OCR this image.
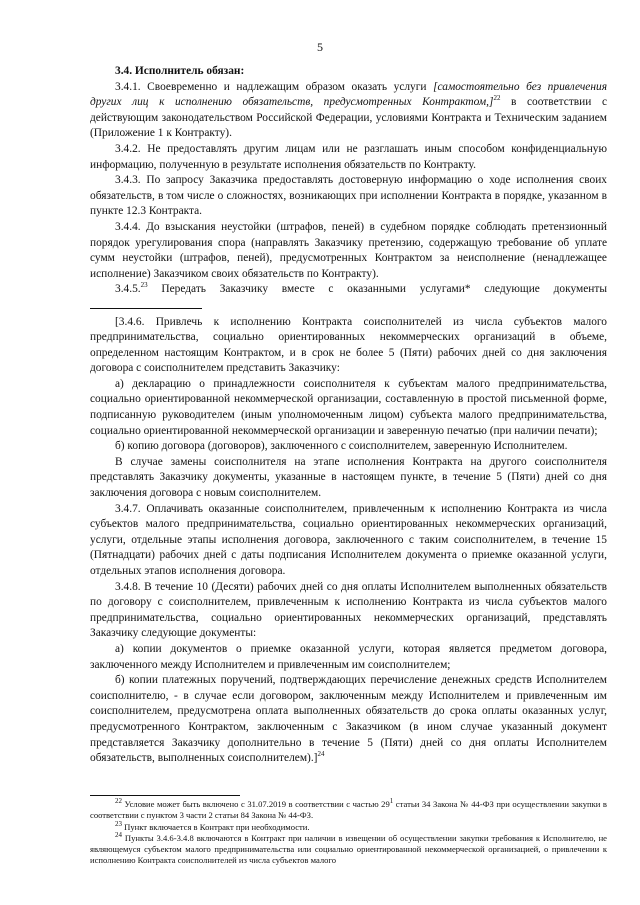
5

3.4. Исполнитель обязан:

3.4.1. Своевременно и надлежащим образом оказать услуги [самостоятельно без привлечения других лиц к исполнению обязательств, предусмотренных Контрактом,]$^{22}$ в соответствии с действующим законодательством Российской Федерации, условиями Контракта и Техническим заданием (Приложение 1 к Контракту).

3.4.2. Не предоставлять другим лицам или не разглашать иным способом конфиденциальную информацию, полученную в результате исполнения обязательств по Контракту.

3.4.3. По запросу Заказчика предоставлять достоверную информацию о ходе исполнения своих обязательств, в том числе о сложностях, возникающих при исполнении Контракта в порядке, указанном в пункте 12.3 Контракта.

3.4.4. До взыскания неустойки (штрафов, пеней) в судебном порядке соблюдать претензионный порядок урегулирования спора (направлять Заказчику претензию, содержащую требование об уплате сумм неустойки (штрафов, пеней), предусмотренных Контрактом за неисполнение (ненадлежащее исполнение) Заказчиком своих обязательств по Контракту).

3.4.5.23 Передать Заказчику вместе с оказанными услугами* следующие документы

[3.4.6. Привлечь к исполнению Контракта соисполнителей из числа субъектов малого предпринимательства, социально ориентированных некоммерческих организаций в объеме, определенном настоящим Контрактом, и в срок не более 5 (Пяти) рабочих дней со дня заключения договора с соисполнителем представить Заказчику:

а) декларацию о принадлежности соисполнителя к субъектам малого предпринимательства, социально ориентированной некоммерческой организации, составленную в простой письменной форме, подписанную руководителем (иным уполномоченным лицом) субъекта малого предпринимательства, социально ориентированной некоммерческой организации и заверенную печатью (при наличии печати);

б) копию договора (договоров), заключенного с соисполнителем, заверенную Исполнителем.

В случае замены соисполнителя на этапе исполнения Контракта на другого соисполнителя представлять Заказчику документы, указанные в настоящем пункте, в течение 5 (Пяти) дней со дня заключения договора с новым соисполнителем.

3.4.7. Оплачивать оказанные соисполнителем, привлеченным к исполнению Контракта из числа субъектов малого предпринимательства, социально ориентированных некоммерческих организаций, услуги, отдельные этапы исполнения договора, заключенного с таким соисполнителем, в течение 15 (Пятнадцати) рабочих дней с даты подписания Исполнителем документа о приемке оказанной услуги, отдельных этапов исполнения договора.

3.4.8. В течение 10 (Десяти) рабочих дней со дня оплаты Исполнителем выполненных обязательств по договору с соисполнителем, привлеченным к исполнению Контракта из числа субъектов малого предпринимательства, социально ориентированных некоммерческих организаций, представлять Заказчику следующие документы:

а) копии документов о приемке оказанной услуги, которая является предметом договора, заключенного между Исполнителем и привлеченным им соисполнителем;

б) копии платежных поручений, подтверждающих перечисление денежных средств Исполнителем соисполнителю, - в случае если договором, заключенным между Исполнителем и привлеченным им соисполнителем, предусмотрена оплата выполненных обязательств до срока оплаты оказанных услуг, предусмотренного Контрактом, заключенным с Заказчиком (в ином случае указанный документ представляется Заказчику дополнительно в течение 5 (Пяти) дней со дня оплаты Исполнителем обязательств, выполненных соисполнителем).]$^{24}$

$^{22}$ Условие может быть включено с 31.07.2019 в соответствии с частью $29^1$ статьи 34 Закона № 44-ФЗ при осуществлении закупки в соответствии с пунктом 3 части 2 статьи 84 Закона № 44-ФЗ.

$^{23}$ Пункт включается в Контракт при необходимости.

$^{24}$ Пункты 3.4.6-3.4.8 включаются в Контракт при наличии в извещении об осуществлении закупки требования к Исполнителю, не являющемуся субъектом малого предпринимательства или социально ориентированной некоммерческой организацией, о привлечении к исполнению Контракта соисполнителей из числа субъектов малого
